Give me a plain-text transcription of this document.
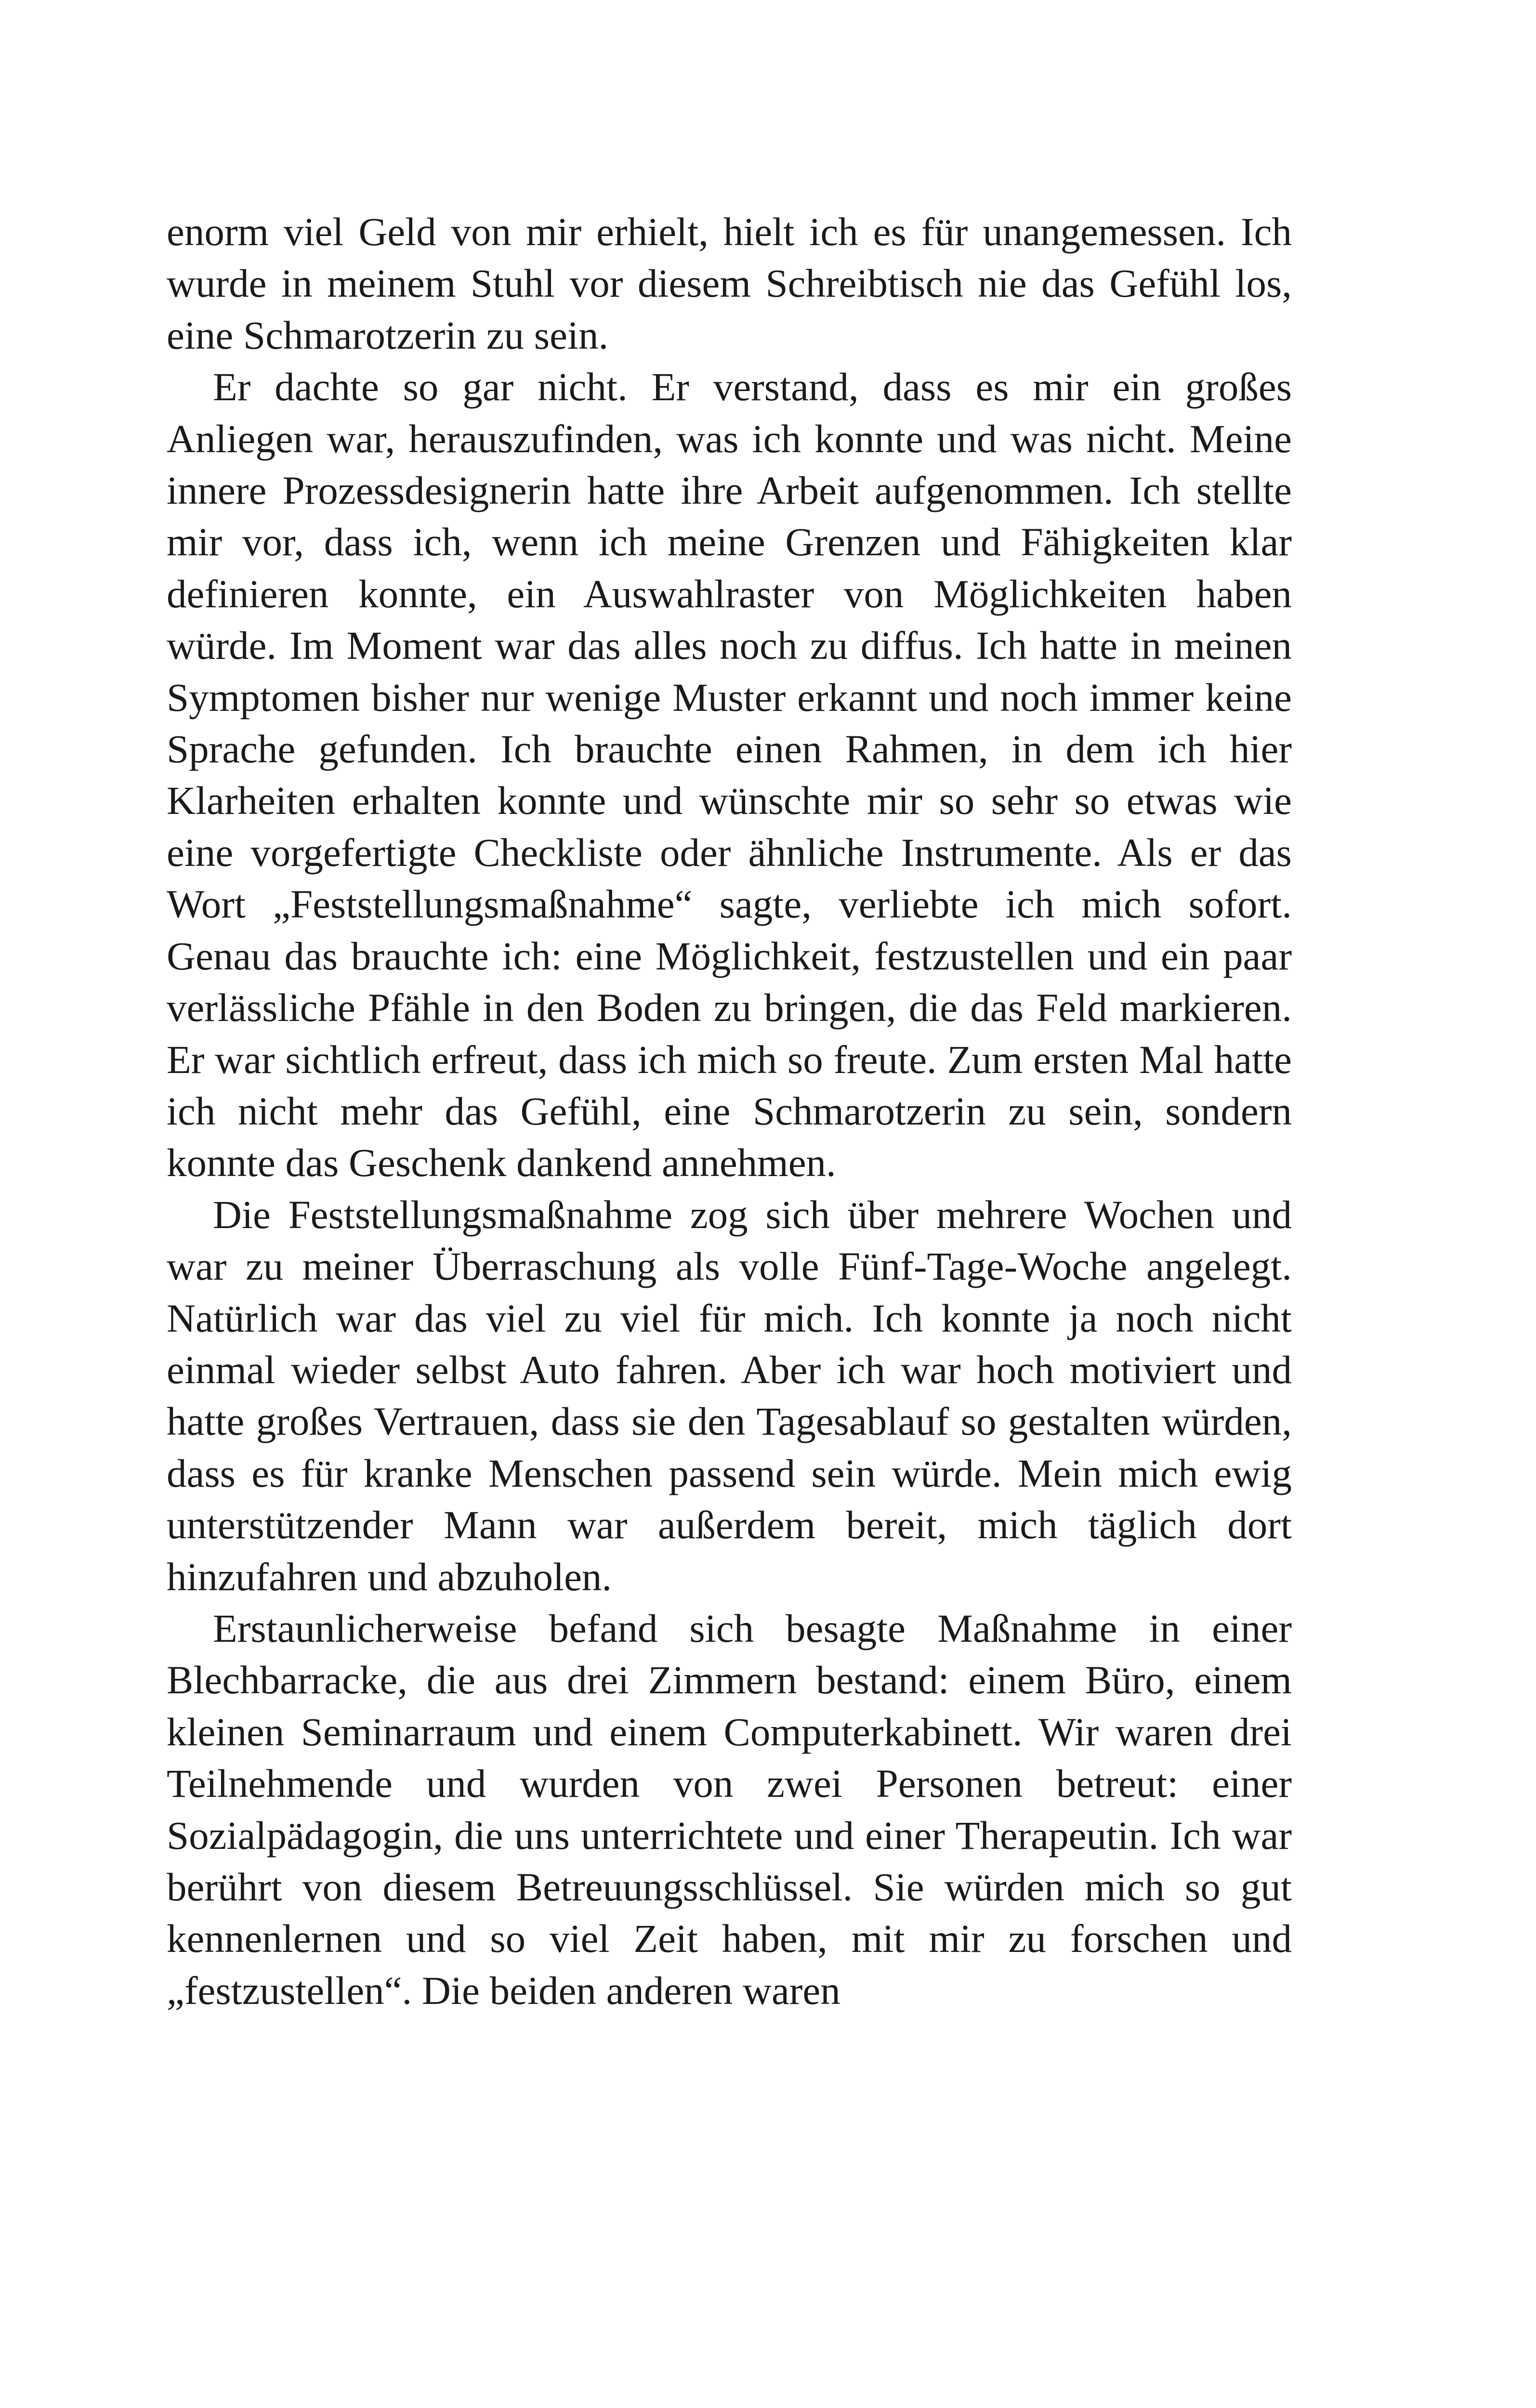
enorm viel Geld von mir erhielt, hielt ich es für unangemessen. Ich wurde in meinem Stuhl vor diesem Schreibtisch nie das Gefühl los, eine Schmarotzerin zu sein.

Er dachte so gar nicht. Er verstand, dass es mir ein großes Anliegen war, herauszufinden, was ich konnte und was nicht. Meine innere Prozessdesignerin hatte ihre Arbeit aufgenommen. Ich stellte mir vor, dass ich, wenn ich meine Grenzen und Fähigkeiten klar definieren konnte, ein Auswahlraster von Möglichkeiten haben würde. Im Moment war das alles noch zu diffus. Ich hatte in meinen Symptomen bisher nur wenige Muster erkannt und noch immer keine Sprache gefunden. Ich brauchte einen Rahmen, in dem ich hier Klarheiten erhalten konnte und wünschte mir so sehr so etwas wie eine vorgefertigte Checkliste oder ähnliche Instrumente. Als er das Wort „Feststellungsmaßnahme“ sagte, verliebte ich mich sofort. Genau das brauchte ich: eine Möglichkeit, festzustellen und ein paar verlässliche Pfähle in den Boden zu bringen, die das Feld markieren. Er war sichtlich erfreut, dass ich mich so freute. Zum ersten Mal hatte ich nicht mehr das Gefühl, eine Schmarotzerin zu sein, sondern konnte das Geschenk dankend annehmen.

Die Feststellungsmaßnahme zog sich über mehrere Wochen und war zu meiner Überraschung als volle Fünf-Tage-Woche angelegt. Natürlich war das viel zu viel für mich. Ich konnte ja noch nicht einmal wieder selbst Auto fahren. Aber ich war hoch motiviert und hatte großes Vertrauen, dass sie den Tagesablauf so gestalten würden, dass es für kranke Menschen passend sein würde. Mein mich ewig unterstützender Mann war außerdem bereit, mich täglich dort hinzufahren und abzuholen.

Erstaunlicherweise befand sich besagte Maßnahme in einer Blechbarracke, die aus drei Zimmern bestand: einem Büro, einem kleinen Seminarraum und einem Computerkabinett. Wir waren drei Teilnehmende und wurden von zwei Personen betreut: einer Sozialpädagogin, die uns unterrichtete und einer Therapeutin. Ich war berührt von diesem Betreuungsschlüssel. Sie würden mich so gut kennenlernen und so viel Zeit haben, mit mir zu forschen und „festzustellen“. Die beiden anderen waren
